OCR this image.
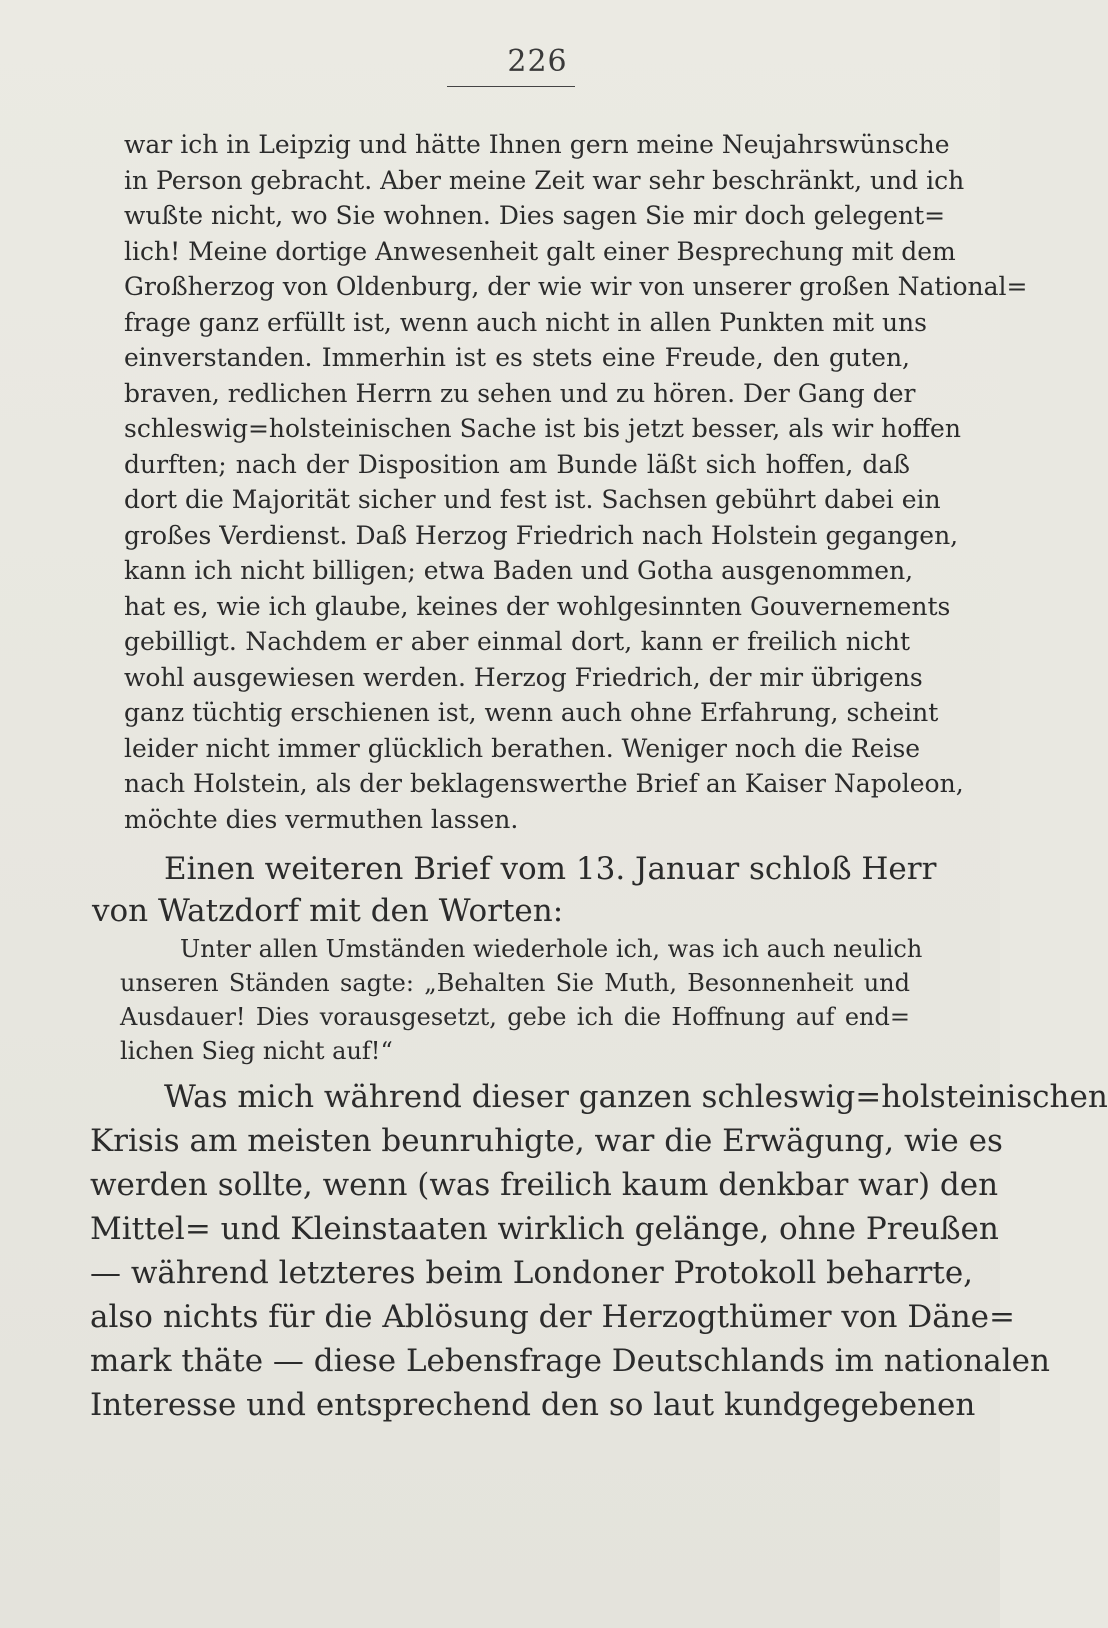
226
war ich in Leipzig und hätte Ihnen gern meine Neujahrswünsche
in Person gebracht. Aber meine Zeit war sehr beschränkt, und ich
wußte nicht, wo Sie wohnen. Dies sagen Sie mir doch gelegent=
lich! Meine dortige Anwesenheit galt einer Besprechung mit dem
Großherzog von Oldenburg, der wie wir von unserer großen National=
frage ganz erfüllt ist, wenn auch nicht in allen Punkten mit uns
einverstanden. Immerhin ist es stets eine Freude, den guten,
braven, redlichen Herrn zu sehen und zu hören. Der Gang der
schleswig=holsteinischen Sache ist bis jetzt besser, als wir hoffen
durften; nach der Disposition am Bunde läßt sich hoffen, daß
dort die Majorität sicher und fest ist. Sachsen gebührt dabei ein
großes Verdienst. Daß Herzog Friedrich nach Holstein gegangen,
kann ich nicht billigen; etwa Baden und Gotha ausgenommen,
hat es, wie ich glaube, keines der wohlgesinnten Gouvernements
gebilligt. Nachdem er aber einmal dort, kann er freilich nicht
wohl ausgewiesen werden. Herzog Friedrich, der mir übrigens
ganz tüchtig erschienen ist, wenn auch ohne Erfahrung, scheint
leider nicht immer glücklich berathen. Weniger noch die Reise
nach Holstein, als der beklagenswerthe Brief an Kaiser Napoleon,
möchte dies vermuthen lassen.
Einen weiteren Brief vom 13. Januar schloß Herr
von Watzdorf mit den Worten:
Unter allen Umständen wiederhole ich, was ich auch neulich
unseren Ständen sagte: „Behalten Sie Muth, Besonnenheit und
Ausdauer! Dies vorausgesetzt, gebe ich die Hoffnung auf end=
lichen Sieg nicht auf!“
Was mich während dieser ganzen schleswig=holsteinischen
Krisis am meisten beunruhigte, war die Erwägung, wie es
werden sollte, wenn (was freilich kaum denkbar war) den
Mittel= und Kleinstaaten wirklich gelänge, ohne Preußen
— während letzteres beim Londoner Protokoll beharrte,
also nichts für die Ablösung der Herzogthümer von Däne=
mark thäte — diese Lebensfrage Deutschlands im nationalen
Interesse und entsprechend den so laut kundgegebenen
